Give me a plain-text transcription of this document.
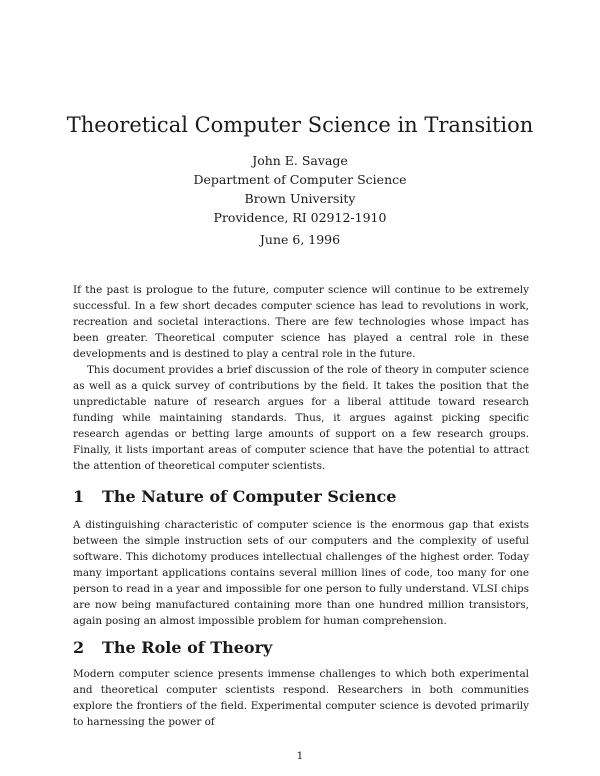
Theoretical Computer Science in Transition
John E. Savage
Department of Computer Science
Brown University
Providence, RI 02912-1910
June 6, 1996

If the past is prologue to the future, computer science will continue to be extremely successful. In a few short decades computer science has lead to revolutions in work, recreation and societal interactions. There are few technologies whose impact has been greater. Theoretical computer science has played a central role in these developments and is destined to play a central role in the future.

This document provides a brief discussion of the role of theory in computer science as well as a quick survey of contributions by the field. It takes the position that the unpredictable nature of research argues for a liberal attitude toward research funding while maintaining standards. Thus, it argues against picking specific research agendas or betting large amounts of support on a few research groups. Finally, it lists important areas of computer science that have the potential to attract the attention of theoretical computer scientists.

1 The Nature of Computer Science

A distinguishing characteristic of computer science is the enormous gap that exists between the simple instruction sets of our computers and the complexity of useful software. This dichotomy produces intellectual challenges of the highest order. Today many important applications contains several million lines of code, too many for one person to read in a year and impossible for one person to fully understand. VLSI chips are now being manufactured containing more than one hundred million transistors, again posing an almost impossible problem for human comprehension.

2 The Role of Theory

Modern computer science presents immense challenges to which both experimental and theoretical computer scientists respond. Researchers in both communities explore the frontiers of the field. Experimental computer science is devoted primarily to harnessing the power of

1
